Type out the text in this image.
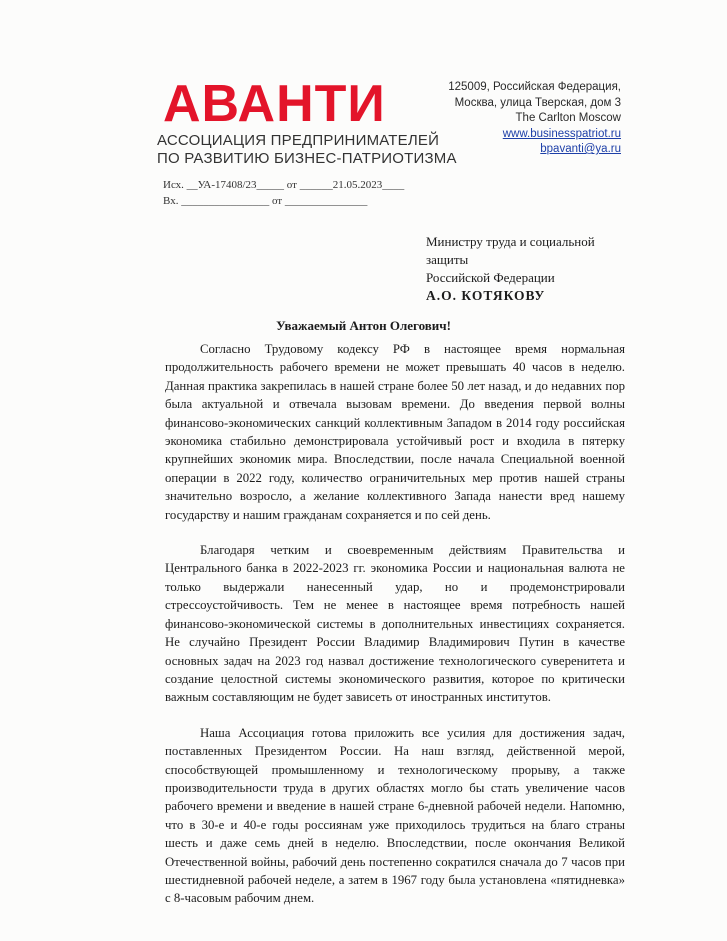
АВАНТИ
АССОЦИАЦИЯ ПРЕДПРИНИМАТЕЛЕЙ
ПО РАЗВИТИЮ БИЗНЕС-ПАТРИОТИЗМА
125009, Российская Федерация,
Москва, улица Тверская, дом 3
The Carlton Moscow
www.businesspatriot.ru
bpavanti@ya.ru
Исх. __УА-17408/23_____ от ______21.05.2023____
Вх. ________________ от _______________
Министру труда и социальной
защиты
Российской Федерации
А.О. КОТЯКОВУ
Уважаемый Антон Олегович!

Согласно Трудовому кодексу РФ в настоящее время нормальная продолжительность рабочего времени не может превышать 40 часов в неделю. Данная практика закрепилась в нашей стране более 50 лет назад, и до недавних пор была актуальной и отвечала вызовам времени. До введения первой волны финансово-экономических санкций коллективным Западом в 2014 году российская экономика стабильно демонстрировала устойчивый рост и входила в пятерку крупнейших экономик мира. Впоследствии, после начала Специальной военной операции в 2022 году, количество ограничительных мер против нашей страны значительно возросло, а желание коллективного Запада нанести вред нашему государству и нашим гражданам сохраняется и по сей день.

Благодаря четким и своевременным действиям Правительства и Центрального банка в 2022-2023 гг. экономика России и национальная валюта не только выдержали нанесенный удар, но и продемонстрировали стрессоустойчивость. Тем не менее в настоящее время потребность нашей финансово-экономической системы в дополнительных инвестициях сохраняется. Не случайно Президент России Владимир Владимирович Путин в качестве основных задач на 2023 год назвал достижение технологического суверенитета и создание целостной системы экономического развития, которое по критически важным составляющим не будет зависеть от иностранных институтов.

Наша Ассоциация готова приложить все усилия для достижения задач, поставленных Президентом России. На наш взгляд, действенной мерой, способствующей промышленному и технологическому прорыву, а также производительности труда в других областях могло бы стать увеличение часов рабочего времени и введение в нашей стране 6-дневной рабочей недели. Напомню, что в 30-е и 40-е годы россиянам уже приходилось трудиться на благо страны шесть и даже семь дней в неделю. Впоследствии, после окончания Великой Отечественной войны, рабочий день постепенно сократился сначала до 7 часов при шестидневной рабочей неделе, а затем в 1967 году была установлена «пятидневка» с 8-часовым рабочим днем.
